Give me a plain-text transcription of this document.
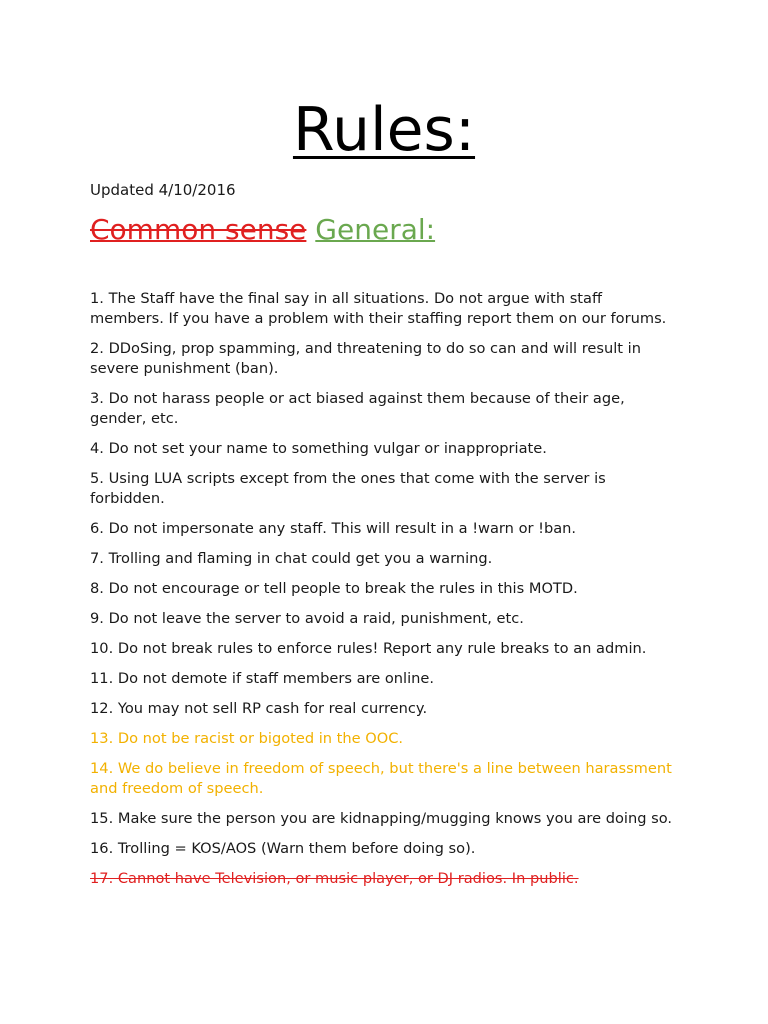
Rules:
Updated 4/10/2016
Common sense General:
1. The Staff have the final say in all situations. Do not argue with staff members. If you have a problem with their staffing report them on our forums.
2. DDoSing, prop spamming, and threatening to do so can and will result in severe punishment (ban).
3. Do not harass people or act biased against them because of their age, gender, etc.
4. Do not set your name to something vulgar or inappropriate.
5. Using LUA scripts except from the ones that come with the server is forbidden.
6. Do not impersonate any staff. This will result in a !warn or !ban.
7. Trolling and flaming in chat could get you a warning.
8. Do not encourage or tell people to break the rules in this MOTD.
9. Do not leave the server to avoid a raid, punishment, etc.
10. Do not break rules to enforce rules! Report any rule breaks to an admin.
11. Do not demote if staff members are online.
12. You may not sell RP cash for real currency.
13. Do not be racist or bigoted in the OOC.
14. We do believe in freedom of speech, but there's a line between harassment and freedom of speech.
15. Make sure the person you are kidnapping/mugging knows you are doing so.
16. Trolling = KOS/AOS (Warn them before doing so).
17. Cannot have Television, or music player, or DJ radios. In public.
